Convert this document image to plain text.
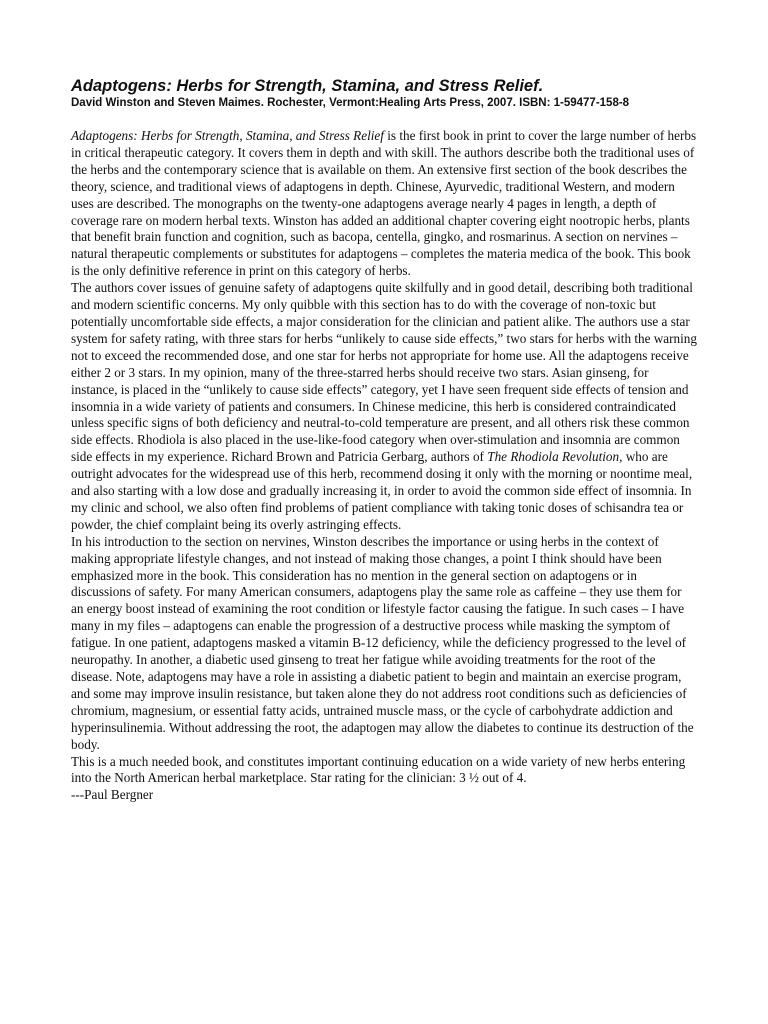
Adaptogens: Herbs for Strength, Stamina, and Stress Relief.

David Winston and Steven Maimes. Rochester, Vermont:Healing Arts Press, 2007. ISBN: 1-59477-158-8

Adaptogens: Herbs for Strength, Stamina, and Stress Relief is the first book in print to cover the large number of herbs in critical therapeutic category. It covers them in depth and with skill. The authors describe both the traditional uses of the herbs and the contemporary science that is available on them. An extensive first section of the book describes the theory, science, and traditional views of adaptogens in depth. Chinese, Ayurvedic, traditional Western, and modern uses are described. The monographs on the twenty-one adaptogens average nearly 4 pages in length, a depth of coverage rare on modern herbal texts. Winston has added an additional chapter covering eight nootropic herbs, plants that benefit brain function and cognition, such as bacopa, centella, gingko, and rosmarinus. A section on nervines – natural therapeutic complements or substitutes for adaptogens – completes the materia medica of the book. This book is the only definitive reference in print on this category of herbs.

The authors cover issues of genuine safety of adaptogens quite skilfully and in good detail, describing both traditional and modern scientific concerns. My only quibble with this section has to do with the coverage of non-toxic but potentially uncomfortable side effects, a major consideration for the clinician and patient alike. The authors use a star system for safety rating, with three stars for herbs “unlikely to cause side effects,” two stars for herbs with the warning not to exceed the recommended dose, and one star for herbs not appropriate for home use. All the adaptogens receive either 2 or 3 stars. In my opinion, many of the three-starred herbs should receive two stars. Asian ginseng, for instance, is placed in the “unlikely to cause side effects” category, yet I have seen frequent side effects of tension and insomnia in a wide variety of patients and consumers. In Chinese medicine, this herb is considered contraindicated unless specific signs of both deficiency and neutral-to-cold temperature are present, and all others risk these common side effects. Rhodiola is also placed in the use-like-food category when over-stimulation and insomnia are common side effects in my experience. Richard Brown and Patricia Gerbarg, authors of The Rhodiola Revolution, who are outright advocates for the widespread use of this herb, recommend dosing it only with the morning or noontime meal, and also starting with a low dose and gradually increasing it, in order to avoid the common side effect of insomnia. In my clinic and school, we also often find problems of patient compliance with taking tonic doses of schisandra tea or powder, the chief complaint being its overly astringing effects.

In his introduction to the section on nervines, Winston describes the importance or using herbs in the context of making appropriate lifestyle changes, and not instead of making those changes, a point I think should have been emphasized more in the book. This consideration has no mention in the general section on adaptogens or in discussions of safety. For many American consumers, adaptogens play the same role as caffeine – they use them for an energy boost instead of examining the root condition or lifestyle factor causing the fatigue. In such cases – I have many in my files – adaptogens can enable the progression of a destructive process while masking the symptom of fatigue. In one patient, adaptogens masked a vitamin B-12 deficiency, while the deficiency progressed to the level of neuropathy. In another, a diabetic used ginseng to treat her fatigue while avoiding treatments for the root of the disease. Note, adaptogens may have a role in assisting a diabetic patient to begin and maintain an exercise program, and some may improve insulin resistance, but taken alone they do not address root conditions such as deficiencies of chromium, magnesium, or essential fatty acids, untrained muscle mass, or the cycle of carbohydrate addiction and hyperinsulinemia. Without addressing the root, the adaptogen may allow the diabetes to continue its destruction of the body.

This is a much needed book, and constitutes important continuing education on a wide variety of new herbs entering into the North American herbal marketplace. Star rating for the clinician: 3 ½ out of 4.

---Paul Bergner
